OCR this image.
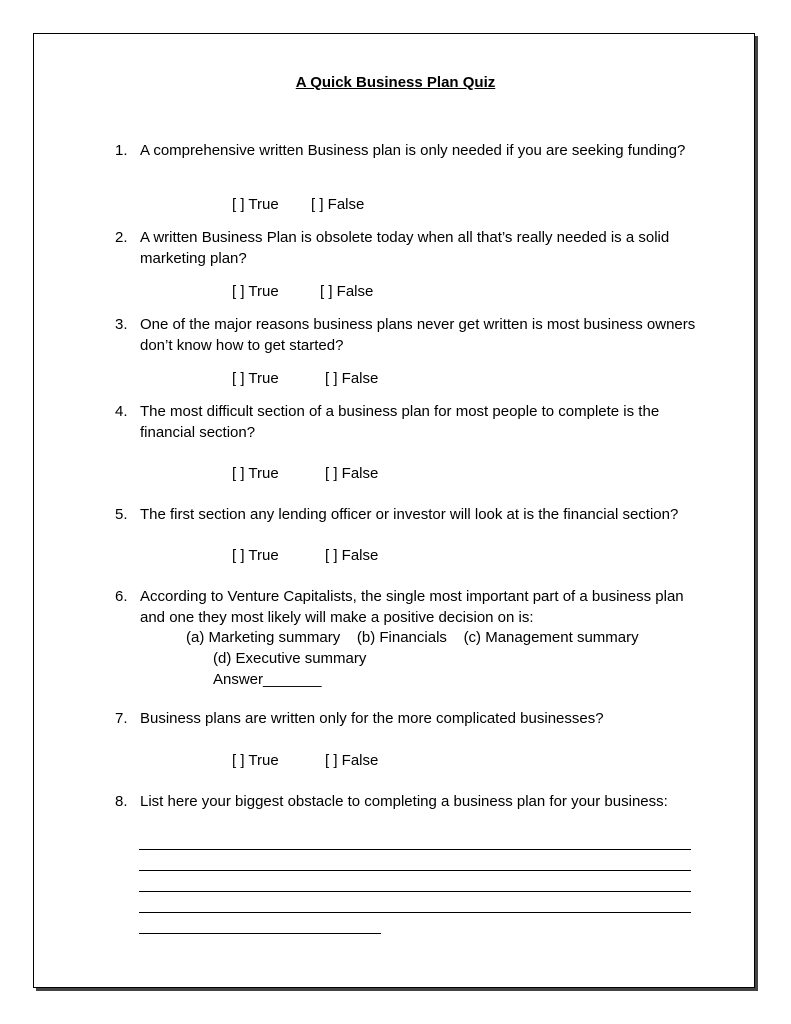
A Quick Business Plan Quiz
1. A comprehensive written Business plan is only needed if you are seeking funding?

[ ] True [ ] False
2. A written Business Plan is obsolete today when all that’s really needed is a solid marketing plan?

[ ] True	[ ] False
3. One of the major reasons business plans never get written is most business owners don’t know how to get started?

[ ] True	[ ] False
4. The most difficult section of a business plan for most people to complete is the financial section?

[ ] True	[ ] False
5. The first section any lending officer or investor will look at is the financial section?

[ ] True	[ ] False
6. According to Venture Capitalists, the single most important part of a business plan and one they most likely will make a positive decision on is:

(a) Marketing summary    (b) Financials    (c) Management summary
(d) Executive summary
Answer_______
7. Business plans are written only for the more complicated businesses?

[ ] True	[ ] False
8. List here your biggest obstacle to completing a business plan for your business:
